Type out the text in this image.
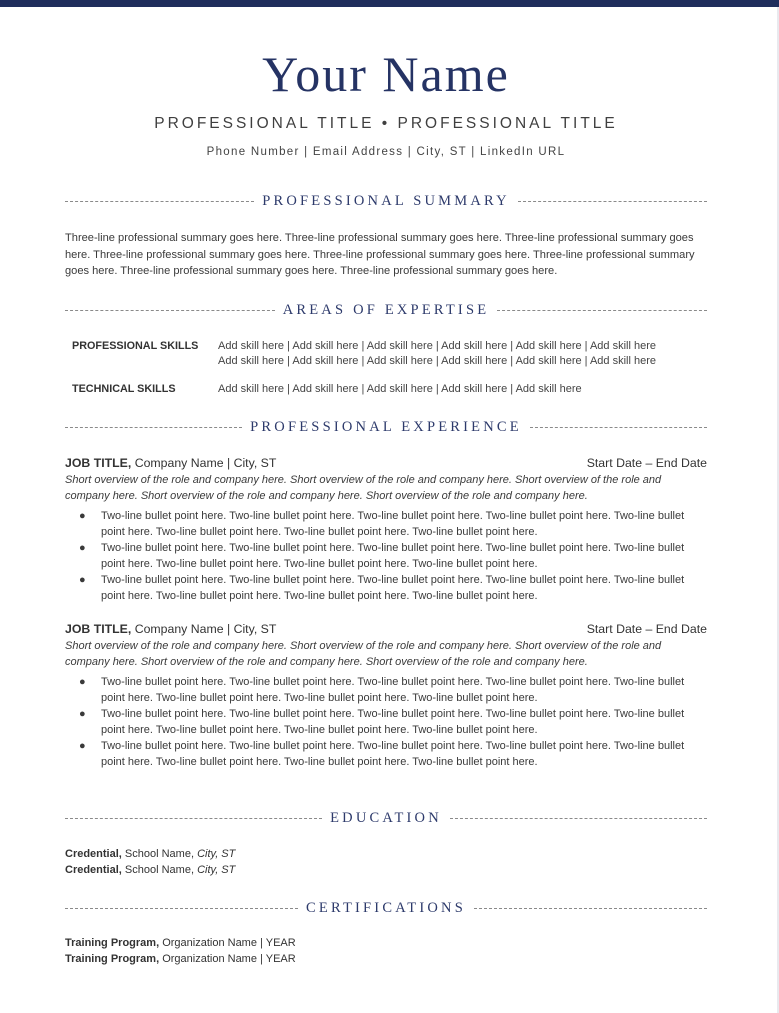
Your Name
PROFESSIONAL TITLE • PROFESSIONAL TITLE
Phone Number | Email Address | City, ST | LinkedIn URL
PROFESSIONAL SUMMARY
Three-line professional summary goes here. Three-line professional summary goes here. Three-line professional summary goes here. Three-line professional summary goes here. Three-line professional summary goes here. Three-line professional summary goes here. Three-line professional summary goes here. Three-line professional summary goes here.
AREAS OF EXPERTISE
PROFESSIONAL SKILLS	Add skill here | Add skill here | Add skill here | Add skill here | Add skill here | Add skill here
Add skill here | Add skill here | Add skill here | Add skill here | Add skill here | Add skill here
TECHNICAL SKILLS	Add skill here | Add skill here | Add skill here | Add skill here | Add skill here
PROFESSIONAL EXPERIENCE
JOB TITLE, Company Name | City, ST	Start Date – End Date
Short overview of the role and company here. Short overview of the role and company here. Short overview of the role and company here. Short overview of the role and company here. Short overview of the role and company here.
● Two-line bullet point here. Two-line bullet point here. Two-line bullet point here. Two-line bullet point here. Two-line bullet point here. Two-line bullet point here. Two-line bullet point here. Two-line bullet point here.
● Two-line bullet point here. Two-line bullet point here. Two-line bullet point here. Two-line bullet point here. Two-line bullet point here. Two-line bullet point here. Two-line bullet point here. Two-line bullet point here.
● Two-line bullet point here. Two-line bullet point here. Two-line bullet point here. Two-line bullet point here. Two-line bullet point here. Two-line bullet point here. Two-line bullet point here. Two-line bullet point here.
JOB TITLE, Company Name | City, ST	Start Date – End Date
Short overview of the role and company here. Short overview of the role and company here. Short overview of the role and company here. Short overview of the role and company here. Short overview of the role and company here.
● Two-line bullet point here. Two-line bullet point here. Two-line bullet point here. Two-line bullet point here. Two-line bullet point here. Two-line bullet point here. Two-line bullet point here. Two-line bullet point here.
● Two-line bullet point here. Two-line bullet point here. Two-line bullet point here. Two-line bullet point here. Two-line bullet point here. Two-line bullet point here. Two-line bullet point here. Two-line bullet point here.
● Two-line bullet point here. Two-line bullet point here. Two-line bullet point here. Two-line bullet point here. Two-line bullet point here. Two-line bullet point here. Two-line bullet point here. Two-line bullet point here.
EDUCATION
Credential, School Name, City, ST
Credential, School Name, City, ST
CERTIFICATIONS
Training Program, Organization Name | YEAR
Training Program, Organization Name | YEAR
